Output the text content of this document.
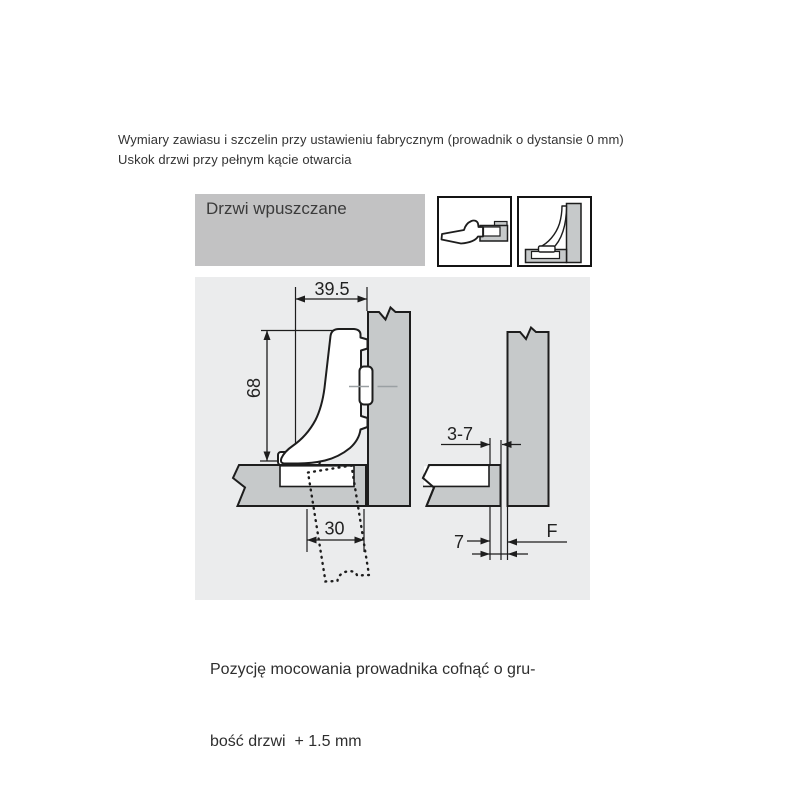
Wymiary zawiasu i szczelin przy ustawieniu fabrycznym (prowadnik o dystansie 0 mm)
Uskok drzwi przy pełnym kącie otwarcia
Drzwi wpuszczane
39.5
68
30
3-7
7
F

Pozycję mocowania prowadnika cofnąć o gru-

bość drzwi  + 1.5 mm
